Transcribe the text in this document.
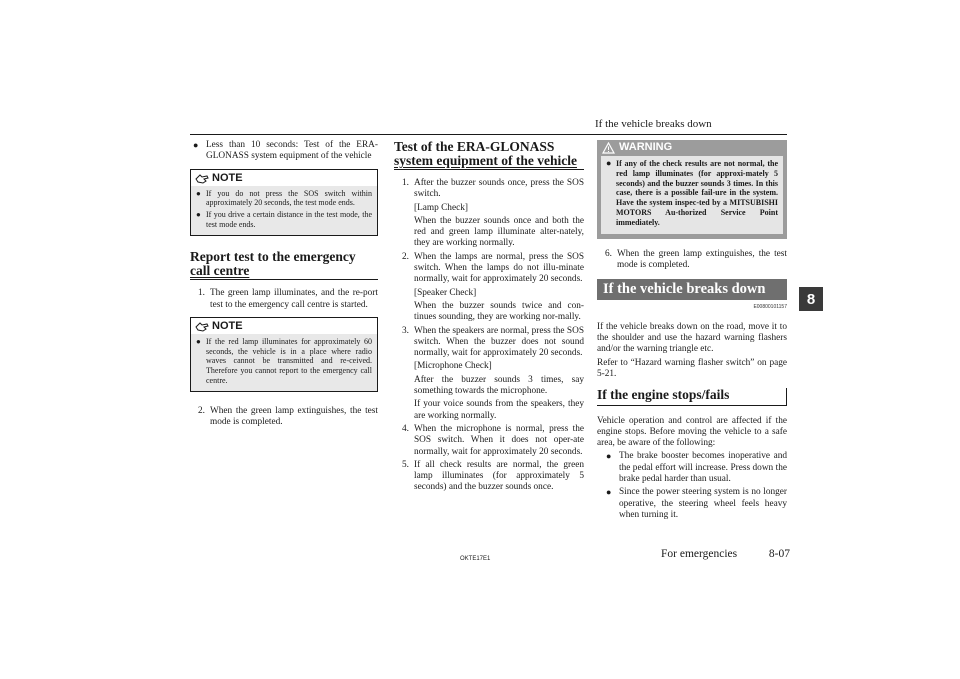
If the vehicle breaks down
8
● Less than 10 seconds: Test of the ERA-GLONASS system equipment of the vehicle
NOTE
● If you do not press the SOS switch within approximately 20 seconds, the test mode ends.
● If you drive a certain distance in the test mode, the test mode ends.
Report test to the emergency
call centre
1. The green lamp illuminates, and the re-port test to the emergency call centre is started.
NOTE
● If the red lamp illuminates for approximately 60 seconds, the vehicle is in a place where radio waves cannot be transmitted and re-ceived. Therefore you cannot report to the emergency call centre.
2. When the green lamp extinguishes, the test mode is completed.
Test of the ERA-GLONASS
system equipment of the vehicle
1. After the buzzer sounds once, press the SOS switch.

[Lamp Check]

When the buzzer sounds once and both the red and green lamp illuminate alter-nately, they are working normally.

2. When the lamps are normal, press the SOS switch. When the lamps do not illu-minate normally, wait for approximately 20 seconds.

[Speaker Check]

When the buzzer sounds twice and con-tinues sounding, they are working nor-mally.

3. When the speakers are normal, press the SOS switch. When the buzzer does not sound normally, wait for approximately 20 seconds.

[Microphone Check]

After the buzzer sounds 3 times, say something towards the microphone.

If your voice sounds from the speakers, they are working normally.

4. When the microphone is normal, press the SOS switch. When it does not oper-ate normally, wait for approximately 20 seconds.

5. If all check results are normal, the green lamp illuminates (for approximately 5 seconds) and the buzzer sounds once.

WARNING
● If any of the check results are not normal, the red lamp illuminates (for approxi-mately 5 seconds) and the buzzer sounds 3 times. In this case, there is a possible fail-ure in the system. Have the system inspec-ted by a MITSUBISHI MOTORS Au-thorized Service Point immediately.
6. When the green lamp extinguishes, the test mode is completed.
If the vehicle breaks down
E00800101157

If the vehicle breaks down on the road, move it to the shoulder and use the hazard warning flashers and/or the warning triangle etc.

Refer to “Hazard warning flasher switch” on page 5-21.

If the engine stops/fails

Vehicle operation and control are affected if the engine stops. Before moving the vehicle to a safe area, be aware of the following:

● The brake booster becomes inoperative and the pedal effort will increase. Press down the brake pedal harder than usual.
● Since the power steering system is no longer operative, the steering wheel feels heavy when turning it.
OKTE17E1	For emergencies	8-07
